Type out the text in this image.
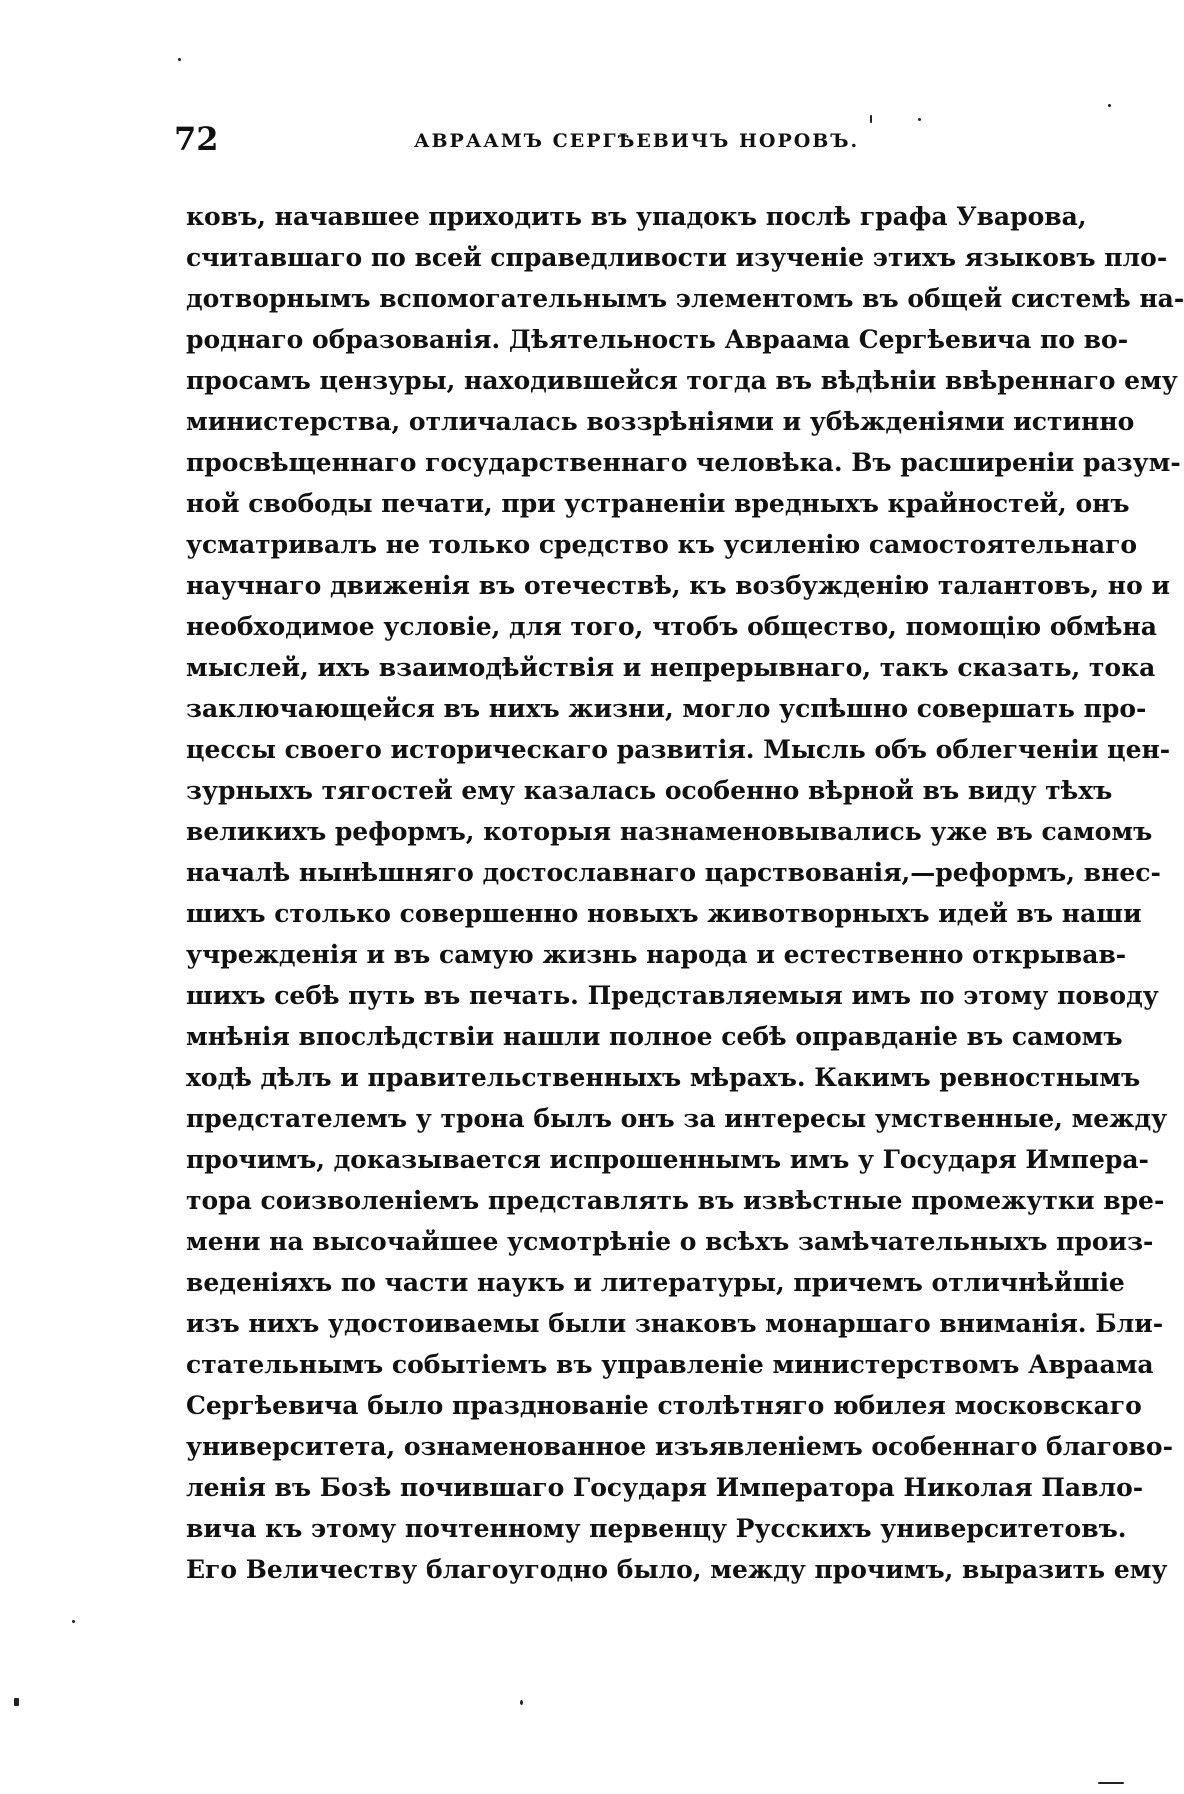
72	АВРААМЪ СЕРГѢЕВИЧЪ НОРОВЪ.
ковъ, начавшее приходить въ упадокъ послѣ графа Уварова,
считавшаго по всей справедливости изученіе этихъ языковъ пло-
дотворнымъ вспомогательнымъ элементомъ въ общей системѣ на-
роднаго образованія. Дѣятельность Авраама Сергѣевича по во-
просамъ цензуры, находившейся тогда въ вѣдѣніи ввѣреннаго ему
министерства, отличалась воззрѣніями и убѣжденіями истинно
просвѣщеннаго государственнаго человѣка. Въ расширеніи разум-
ной свободы печати, при устраненіи вредныхъ крайностей, онъ
усматривалъ не только средство къ усиленію самостоятельнаго
научнаго движенія въ отечествѣ, къ возбужденію талантовъ, но и
необходимое условіе, для того, чтобъ общество, помощію обмѣна
мыслей, ихъ взаимодѣйствія и непрерывнаго, такъ сказать, тока
заключающейся въ нихъ жизни, могло успѣшно совершать про-
цессы своего историческаго развитія. Мысль объ облегченіи цен-
зурныхъ тягостей ему казалась особенно вѣрной въ виду тѣхъ
великихъ реформъ, которыя назнаменовывались уже въ самомъ
началѣ нынѣшняго достославнаго царствованія,—реформъ, внес-
шихъ столько совершенно новыхъ животворныхъ идей въ наши
учрежденія и въ самую жизнь народа и естественно открывав-
шихъ себѣ путь въ печать. Представляемыя имъ по этому поводу
мнѣнія впослѣдствіи нашли полное себѣ оправданіе въ самомъ
ходѣ дѣлъ и правительственныхъ мѣрахъ. Какимъ ревностнымъ
предстателемъ у трона былъ онъ за интересы умственные, между
прочимъ, доказывается испрошеннымъ имъ у Государя Импера-
тора соизволеніемъ представлять въ извѣстные промежутки вре-
мени на высочайшее усмотрѣніе о всѣхъ замѣчательныхъ произ-
веденіяхъ по части наукъ и литературы, причемъ отличнѣйшіе
изъ нихъ удостоиваемы были знаковъ монаршаго вниманія. Бли-
стательнымъ событіемъ въ управленіе министерствомъ Авраама
Сергѣевича было празднованіе столѣтняго юбилея московскаго
университета, ознаменованное изъявленіемъ особеннаго благово-
ленія въ Бозѣ почившаго Государя Императора Николая Павло-
вича къ этому почтенному первенцу Русскихъ университетовъ.
Его Величеству благоугодно было, между прочимъ, выразить ему
